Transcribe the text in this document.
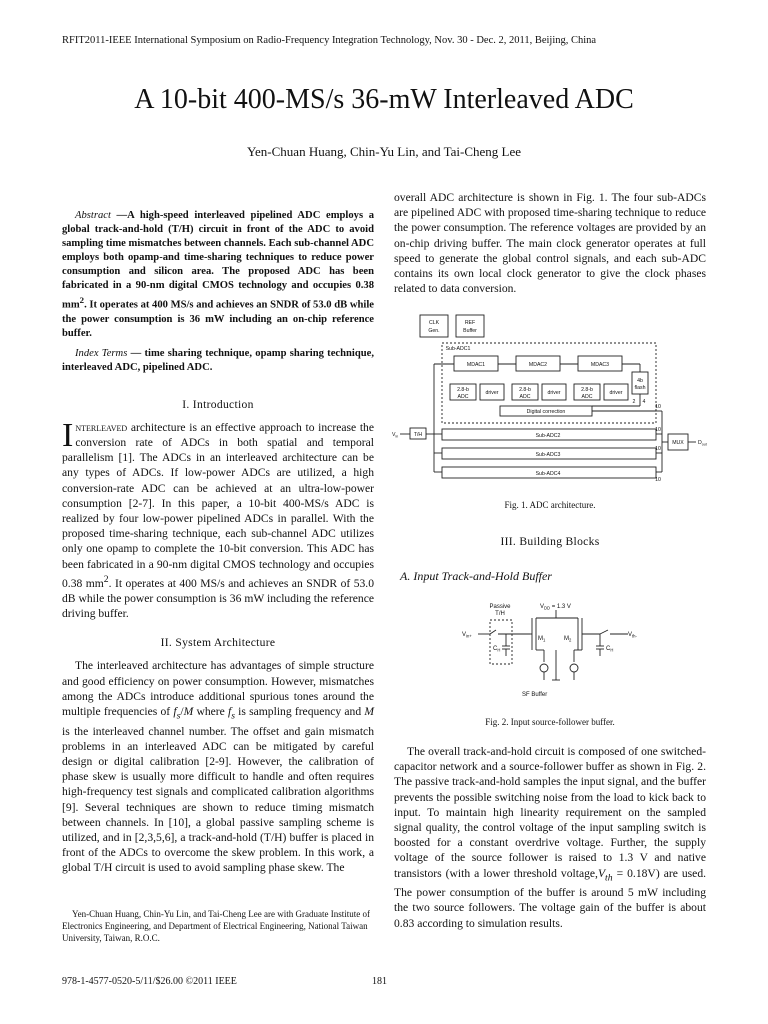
RFIT2011-IEEE International Symposium on Radio-Frequency Integration Technology, Nov. 30 - Dec. 2, 2011, Beijing, China
A 10-bit 400-MS/s 36-mW Interleaved ADC
Yen-Chuan Huang, Chin-Yu Lin, and Tai-Cheng Lee

Abstract —A high-speed interleaved pipelined ADC employs a global track-and-hold (T/H) circuit in front of the ADC to avoid sampling time mismatches between channels. Each sub-channel ADC employs both opamp-and time-sharing techniques to reduce power consumption and silicon area. The proposed ADC has been fabricated in a 90-nm digital CMOS technology and occupies 0.38 $mm^2$. It operates at 400 MS/s and achieves an SNDR of 53.0 dB while the power consumption is 36 mW including an on-chip reference buffer.

Index Terms — time sharing technique, opamp sharing technique, interleaved ADC, pipelined ADC.

I. Introduction

Interleaved architecture is an effective approach to increase the conversion rate of ADCs in both spatial and temporal parallelism [1]. The ADCs in an interleaved architecture can be any types of ADCs. If low-power ADCs are utilized, a high conversion-rate ADC can be achieved at an ultra-low-power consumption [2-7]. In this paper, a 10-bit 400-MS/s ADC is realized by four low-power pipelined ADCs in parallel. With the proposed time-sharing technique, each sub-channel ADC utilizes only one opamp to complete the 10-bit conversion. This ADC has been fabricated in a 90-nm digital CMOS technology and occupies 0.38 $mm^2$. It operates at 400 MS/s and achieves an SNDR of 53.0 dB while the power consumption is 36 mW including the reference driving buffer.

II. System Architecture

The interleaved architecture has advantages of simple structure and good efficiency on power consumption. However, mismatches among the ADCs introduce additional spurious tones around the multiple frequencies of $f_s/M$ where $f_s$ is sampling frequency and M is the interleaved channel number. The offset and gain mismatch problems in an interleaved ADC can be mitigated by careful design or digital calibration [2-9]. However, the calibration of phase skew is usually more difficult to handle and often requires high-frequency test signals and complicated calibration algorithms [9]. Several techniques are shown to reduce timing mismatch between channels. In [10], a global passive sampling scheme is utilized, and in [2,3,5,6], a track-and-hold (T/H) buffer is placed in front of the ADCs to overcome the skew problem. In this work, a global T/H circuit is used to avoid sampling phase skew. The

Yen-Chuan Huang, Chin-Yu Lin, and Tai-Cheng Lee are with Graduate Institute of Electronics Engineering, and Department of Electrical Engineering, National Taiwan University, Taiwan, R.O.C.

overall ADC architecture is shown in Fig. 1. The four sub-ADCs are pipelined ADC with proposed time-sharing technique to reduce the power consumption. The reference voltages are provided by an on-chip driving buffer. The main clock generator operates at full speed to generate the global control signals, and each sub-ADC contains its own local clock generator to give the clock phases related to data conversion.

CLK
Gen.
REF
Buffer
Sub-ADC1
MDAC1	MDAC2	MDAC3
4b
flash
2.8-b
ADC
driver	2.8-b
ADC
driver	2.8-b
ADC
driver
Digital correction
T/H	Sub-ADC2
Sub-ADC3
Sub-ADC4
MUX
10
10
10
10
4
2
$V_{in}$
$D_{out}$
Fig. 1. ADC architecture.
III. Building Blocks
A. Input Track-and-Hold Buffer
Passive
T/H
$V_{DD} = 1.3$ V
$V_{in+}$	$V_{th-}$
$M_1$	$M_2$
$C_H$	$C_H$
SF Buffer
Fig. 2. Input source-follower buffer.

The overall track-and-hold circuit is composed of one switched-capacitor network and a source-follower buffer as shown in Fig. 2. The passive track-and-hold samples the input signal, and the buffer prevents the possible switching noise from the load to kick back to input. To maintain high linearity requirement on the sampled signal quality, the control voltage of the input sampling switch is boosted for a constant overdrive voltage. Further, the supply voltage of the source follower is raised to 1.3 V and native transistors (with a lower threshold $voltage,V_{th} = 0.18V$) are used. The power consumption of the buffer is around 5 mW including the two source followers. The voltage gain of the buffer is about 0.83 according to simulation results.

978-1-4577-0520-5/11/$26.00 ©2011 IEEE	181
